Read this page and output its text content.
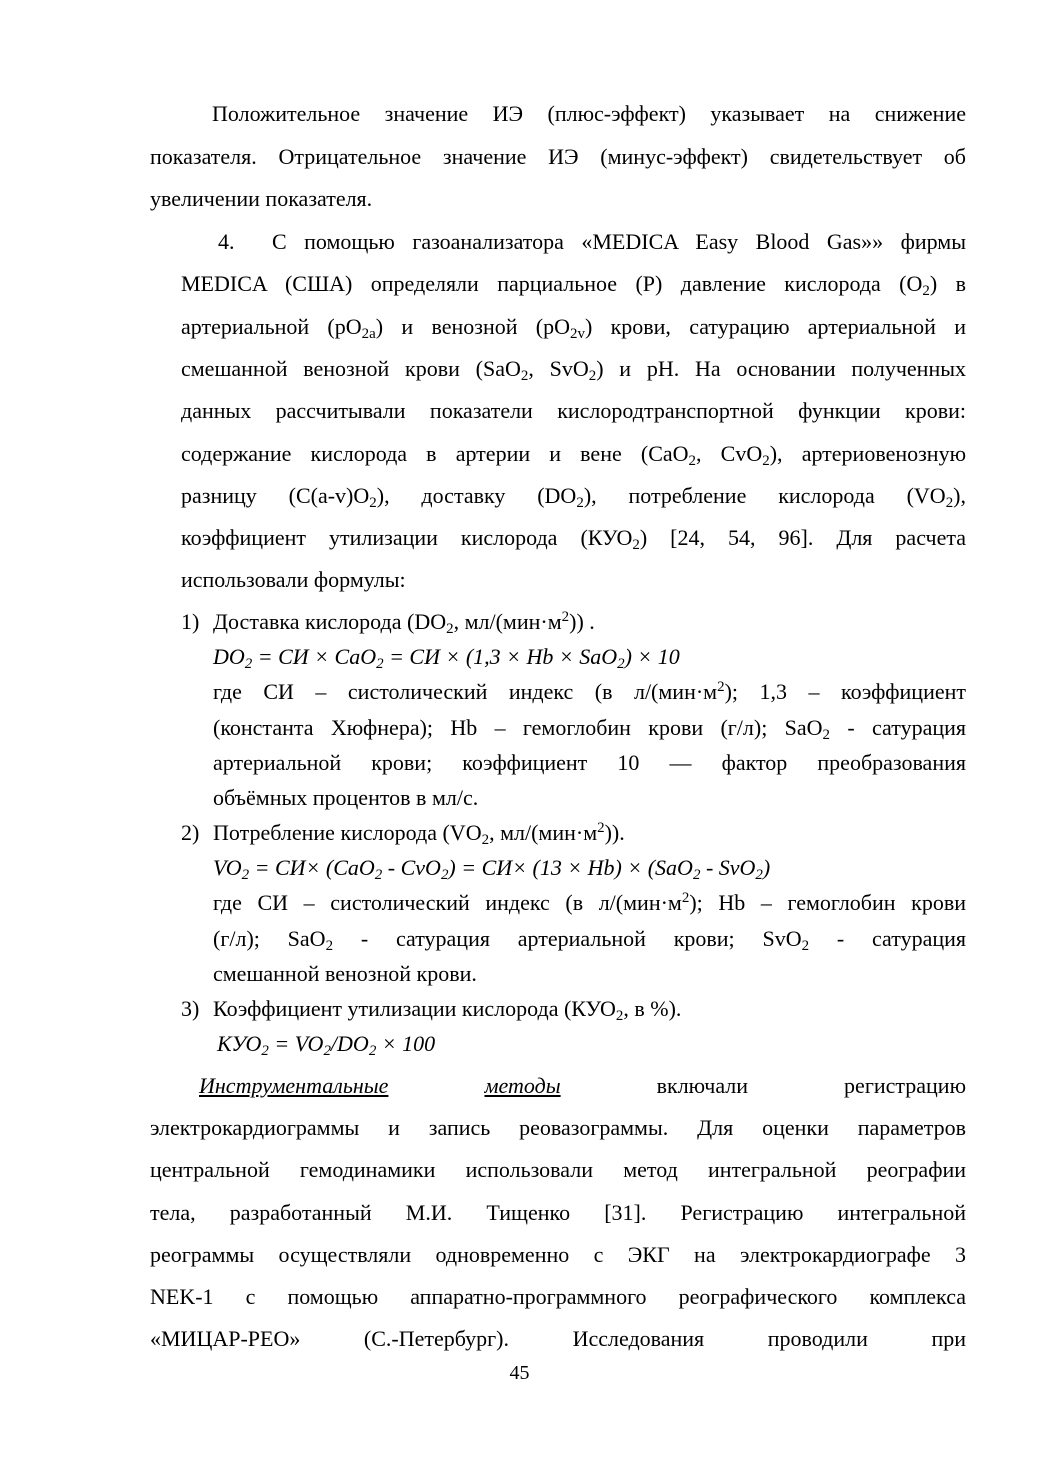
Положительное значение ИЭ (плюс-эффект) указывает на снижение
показателя. Отрицательное значение ИЭ (минус-эффект) свидетельствует об
увеличении показателя.
4. С помощью газоанализатора «MEDICA Easy Blood Gas»» фирмы
MEDICA (США) определяли парциальное (P) давление кислорода $(O_2)$ в
артериальной $(pO_{2a})$ и венозной $(pO_{2v})$ крови, сатурацию артериальной и
смешанной венозной крови (SaO$_2$, SvO$_2$) и pH. На основании полученных
данных рассчитывали показатели кислородтранспортной функции крови:
содержание кислорода в артерии и вене (CaO$_2$, CvO$_2$), артериовенозную
разницу $(C(a-v)O_2)$, доставку $(DO_2)$, потребление кислорода $(VO_2)$,
коэффициент утилизации кислорода $(КУО_2)$ [24, 54, 96]. Для расчета
использовали формулы:
1) Доставка кислорода ($DO_2$, $мл/(мин\cdot м^2)$) .
$DO_2$ = СИ × CaO$_2$ = СИ × (1,3 × Hb × SaO$_2$) × 10
где СИ – систолический индекс (в $л/(мин\cdot м^2)$; 1,3 – коэффициент
(константа Хюфнера); Hb – гемоглобин крови (г/л); SaO$_2$ - сатурация
артериальной крови; коэффициент 10 — фактор преобразования
объёмных процентов в мл/с.
2) Потребление кислорода ($VO_2$, $мл/(мин\cdot м^2)$).
$VO_2 = СИ\times (CaO_2 - CvO_2) = СИ\times (13 \times Hb) \times (SaO_2 - SvO_2)$
где СИ – систолический индекс (в $л/(мин\cdot м^2)$; Hb – гемоглобин крови
(г/л); SaO$_2$ - сатурация артериальной крови; SvO$_2$ - сатурация
смешанной венозной крови.
3) Коэффициент утилизации кислорода ($КУО_2$, в %).
$КУО_2 = VO_2/DO_2 \times 100$
Инструментальные	методы	включали регистрацию
электрокардиограммы и запись реовазограммы. Для оценки параметров
центральной гемодинамики использовали метод интегральной реографии
тела, разработанный М.И. Тищенко [31]. Регистрацию интегральной
реограммы осуществляли одновременно с ЭКГ на электрокардиографе 3
NEK-1 с помощью аппаратно-программного реографического комплекса
«МИЦАР-РЕО» (С.-Петербург). Исследования проводили при
45
